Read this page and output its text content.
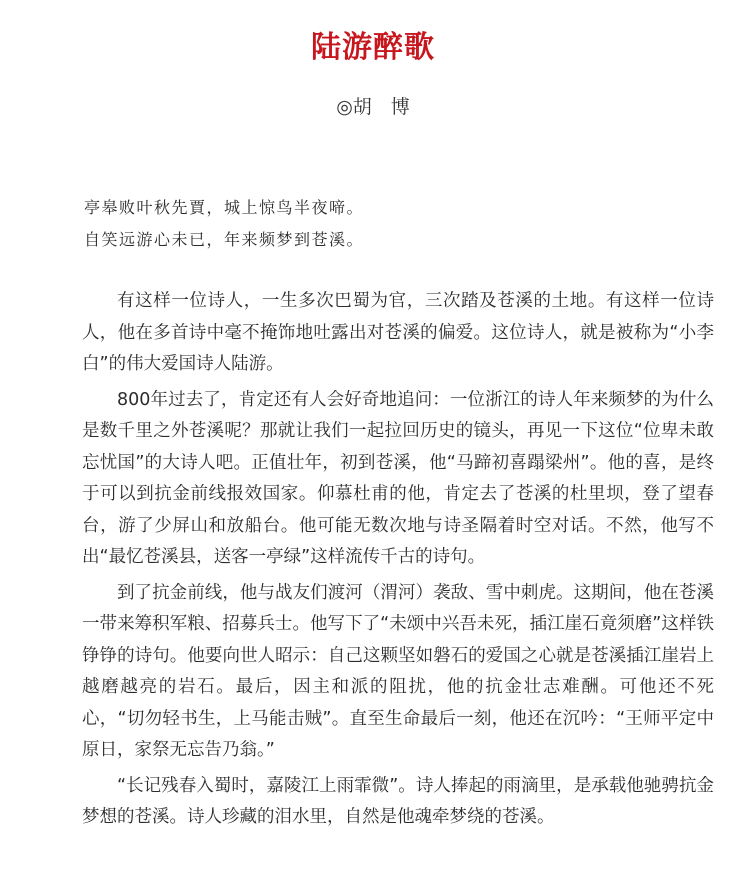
陆游醉歌
◎胡　博
亭皋败叶秋先賈，城上惊鸟半夜啼。
自笑远游心未已，年来频梦到苍溪。

有这样一位诗人，一生多次巴蜀为官，三次踏及苍溪的土地。有这样一位诗人，他在多首诗中毫不掩饰地吐露出对苍溪的偏爱。这位诗人，就是被称为“小李白”的伟大爱国诗人陆游。

800年过去了，肯定还有人会好奇地追问：一位浙江的诗人年来频梦的为什么是数千里之外苍溪呢？那就让我们一起拉回历史的镜头，再见一下这位“位卑未敢忘忧国”的大诗人吧。正值壮年，初到苍溪，他“马蹄初喜蹋梁州”。他的喜，是终于可以到抗金前线报效国家。仰慕杜甫的他，肯定去了苍溪的杜里坝，登了望春台，游了少屏山和放船台。他可能无数次地与诗圣隔着时空对话。不然，他写不出“最忆苍溪县，送客一亭绿”这样流传千古的诗句。

到了抗金前线，他与战友们渡河（渭河）袭敌、雪中刺虎。这期间，他在苍溪一带来筹积军粮、招募兵士。他写下了“未颂中兴吾未死，插江崖石竟须磨”这样铁铮铮的诗句。他要向世人昭示：自己这颗坚如磐石的爱国之心就是苍溪插江崖岩上越磨越亮的岩石。最后，因主和派的阻扰，他的抗金壮志难酬。可他还不死心，“切勿轻书生，上马能击贼”。直至生命最后一刻，他还在沉吟：“王师平定中原日，家祭无忘告乃翁。”

“长记残春入蜀时，嘉陵江上雨霏微”。诗人捧起的雨滴里，是承载他驰骋抗金梦想的苍溪。诗人珍藏的泪水里，自然是他魂牵梦绕的苍溪。
